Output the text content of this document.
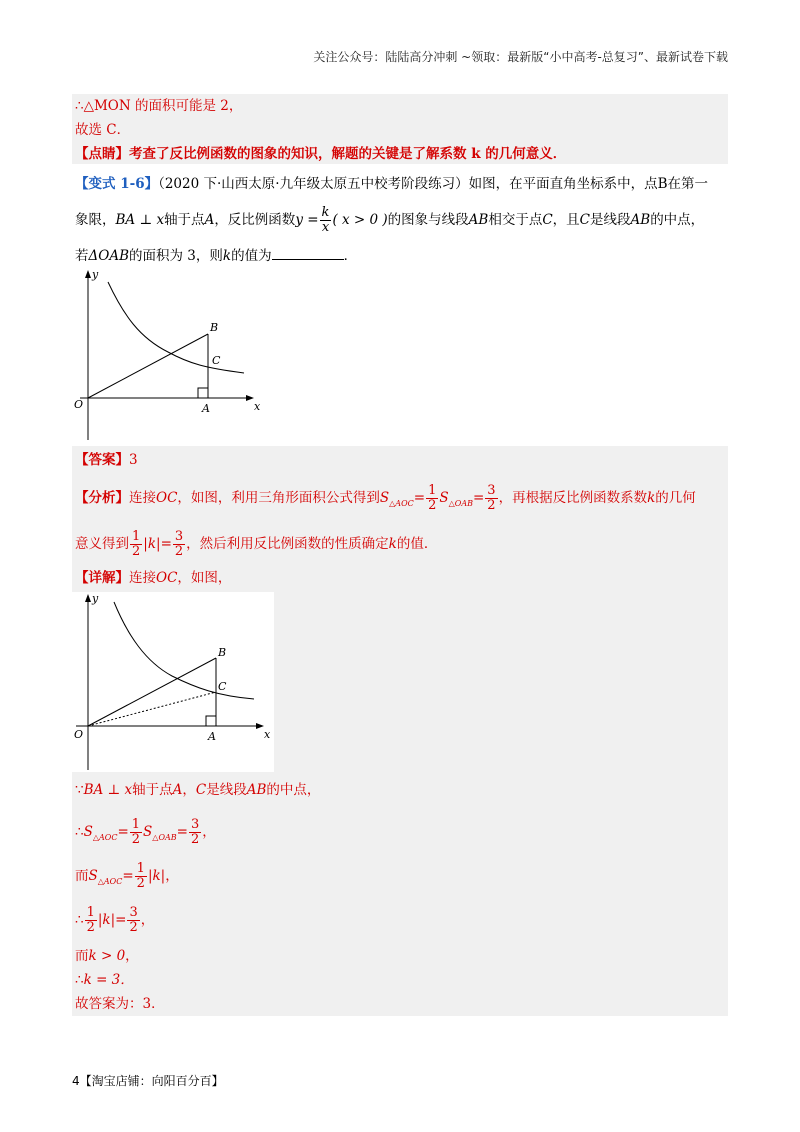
关注公众号：陆陆高分冲刺 ~领取：最新版“小中高考-总复习”、最新试卷下载
∴△MON 的面积可能是 2，
故选 C．
【点睛】考查了反比例函数的图象的知识，解题的关键是了解系数 k 的几何意义．
【变式 1-6】（2020 下·山西太原·九年级太原五中校考阶段练习）如图，在平面直角坐标系中，点B在第一
象限，BA ⊥ x轴于点A，反比例函数$y = \frac{k}{x}$ ( x > 0 )的图象与线段AB相交于点C，且C是线段AB的中点，
若ΔOAB的面积为 3，则k的值为	．
y
x
O	A
B
C
【答案】3
【分析】连接OC，如图，利用三角形面积公式得到$S_{\triangle AOC}= \frac{1}{2} S_{\triangle OAB}= \frac{3}{2}$ ，再根据反比例函数系数k的几何
意义得到 $\frac{1}{2} |k|= \frac{3}{2}$ ，然后利用反比例函数的性质确定k的值．
【详解】连接OC，如图，
y
x
O	A
B
C
∵BA ⊥ x轴于点A，C是线段AB的中点，
$\therefore S_{\triangle AOC}= \frac{1}{2} S_{\triangle OAB}= \frac{3}{2}$ ，
而$S_{\triangle AOC}= \frac{1}{2} |k|$，
∴ $\frac{1}{2} |k|= \frac{3}{2}$ ，
而k > 0，
∴k = 3．
故答案为：3．
4【淘宝店铺：向阳百分百】
